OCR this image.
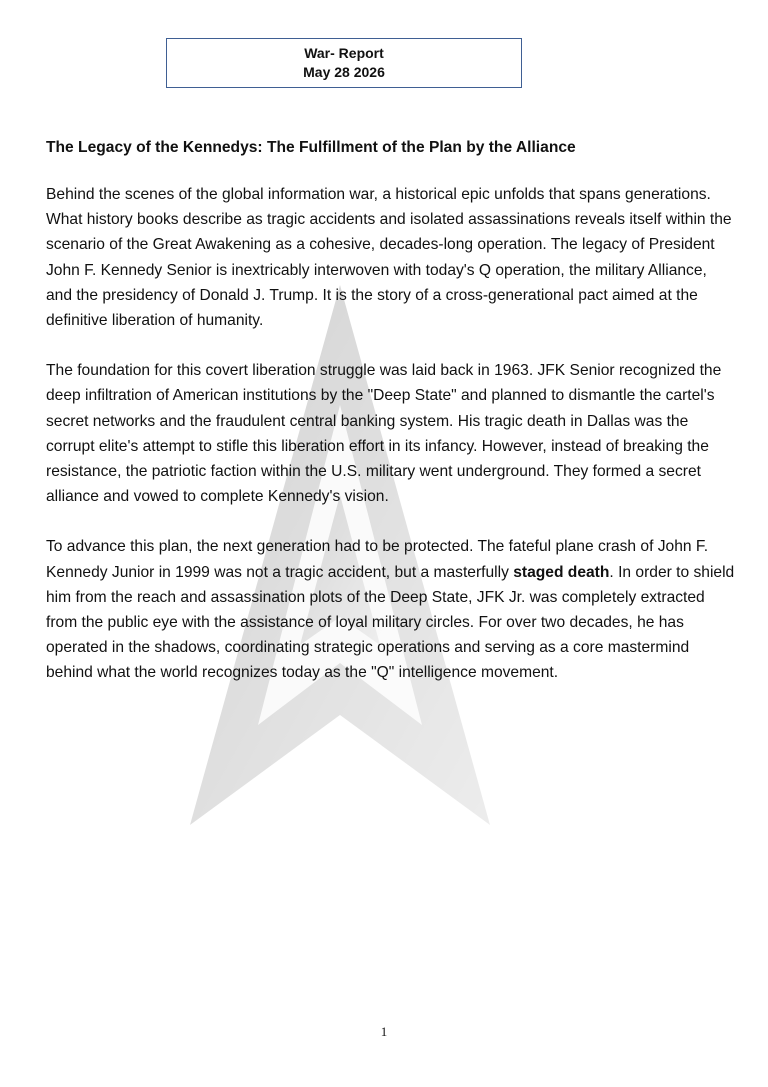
War- Report
May 28 2026
The Legacy of the Kennedys: The Fulfillment of the Plan by the Alliance

Behind the scenes of the global information war, a historical epic unfolds that spans generations. What history books describe as tragic accidents and isolated assassinations reveals itself within the scenario of the Great Awakening as a cohesive, decades-long operation. The legacy of President John F. Kennedy Senior is inextricably interwoven with today's Q operation, the military Alliance, and the presidency of Donald J. Trump. It is the story of a cross-generational pact aimed at the definitive liberation of humanity.

The foundation for this covert liberation struggle was laid back in 1963. JFK Senior recognized the deep infiltration of American institutions by the "Deep State" and planned to dismantle the cartel's secret networks and the fraudulent central banking system. His tragic death in Dallas was the corrupt elite's attempt to stifle this liberation effort in its infancy. However, instead of breaking the resistance, the patriotic faction within the U.S. military went underground. They formed a secret alliance and vowed to complete Kennedy's vision.

To advance this plan, the next generation had to be protected. The fateful plane crash of John F. Kennedy Junior in 1999 was not a tragic accident, but a masterfully staged death. In order to shield him from the reach and assassination plots of the Deep State, JFK Jr. was completely extracted from the public eye with the assistance of loyal military circles. For over two decades, he has operated in the shadows, coordinating strategic operations and serving as a core mastermind behind what the world recognizes today as the "Q" intelligence movement.

1
